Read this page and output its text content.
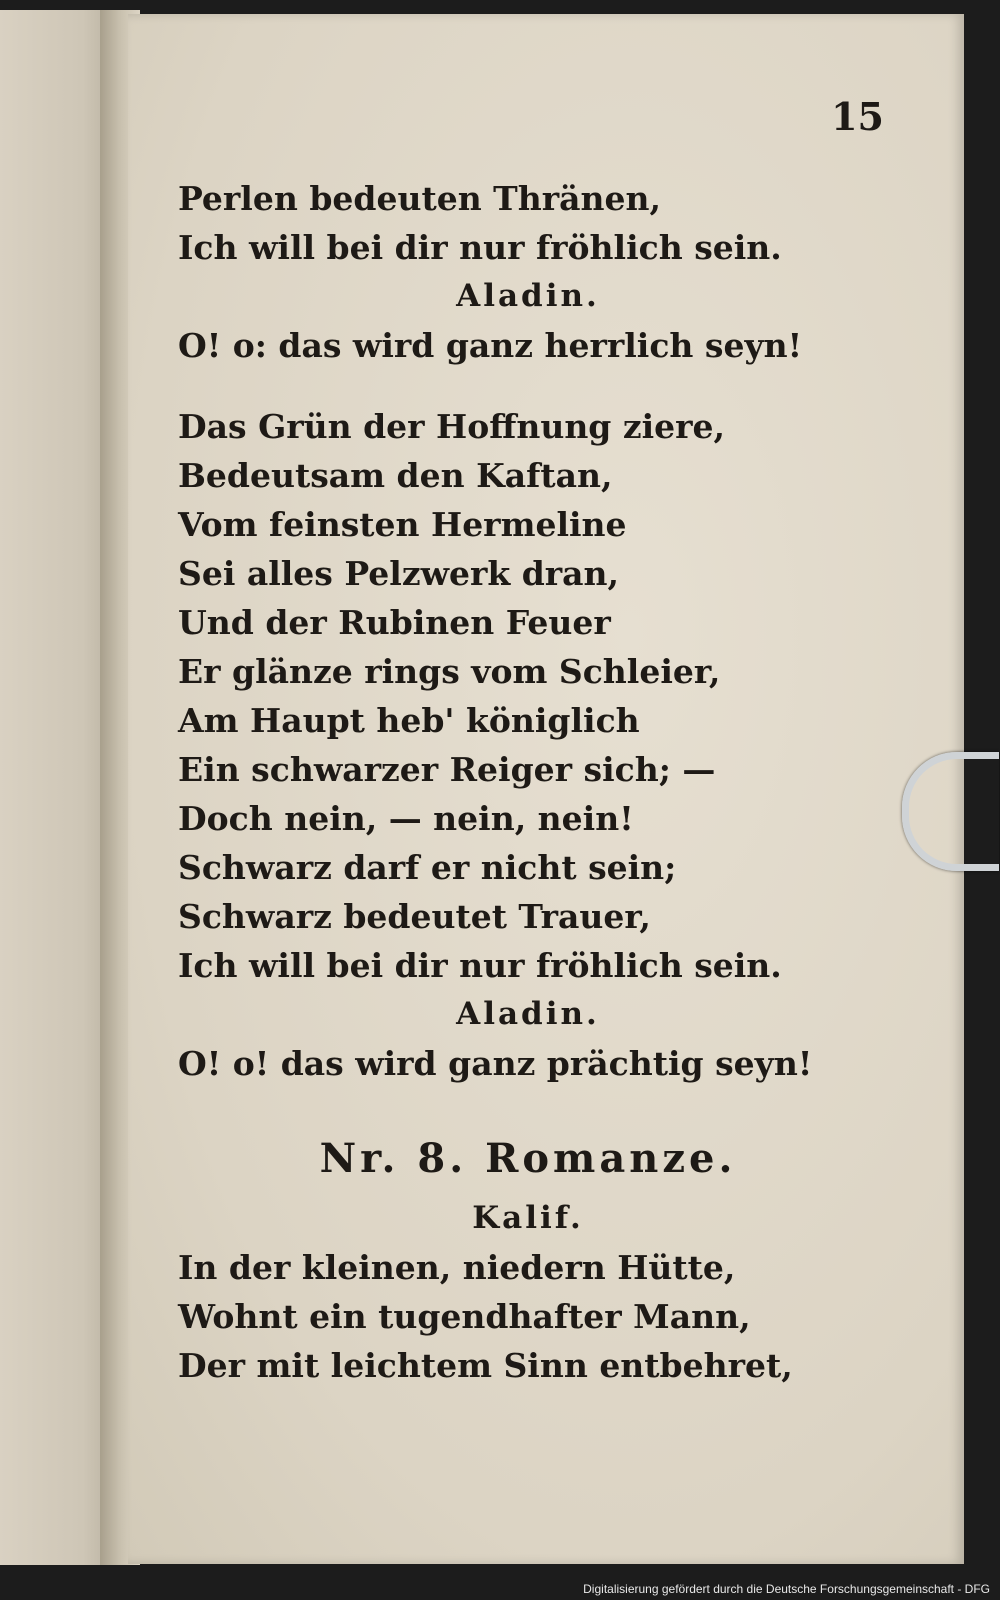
15
Perlen bedeuten Thränen,
Ich will bei dir nur fröhlich sein.
Aladin.
O! o: das wird ganz herrlich seyn!
Das Grün der Hoffnung ziere,
Bedeutsam den Kaftan,
Vom feinsten Hermeline
Sei alles Pelzwerk dran,
Und der Rubinen Feuer
Er glänze rings vom Schleier,
Am Haupt heb' königlich
Ein schwarzer Reiger sich; —
Doch nein, — nein, nein!
Schwarz darf er nicht sein;
Schwarz bedeutet Trauer,
Ich will bei dir nur fröhlich sein.
Aladin.
O! o! das wird ganz prächtig seyn!
Nr. 8. Romanze.
Kalif.
In der kleinen, niedern Hütte,
Wohnt ein tugendhafter Mann,
Der mit leichtem Sinn entbehret,
Digitalisierung gefördert durch die Deutsche Forschungsgemeinschaft - DFG
